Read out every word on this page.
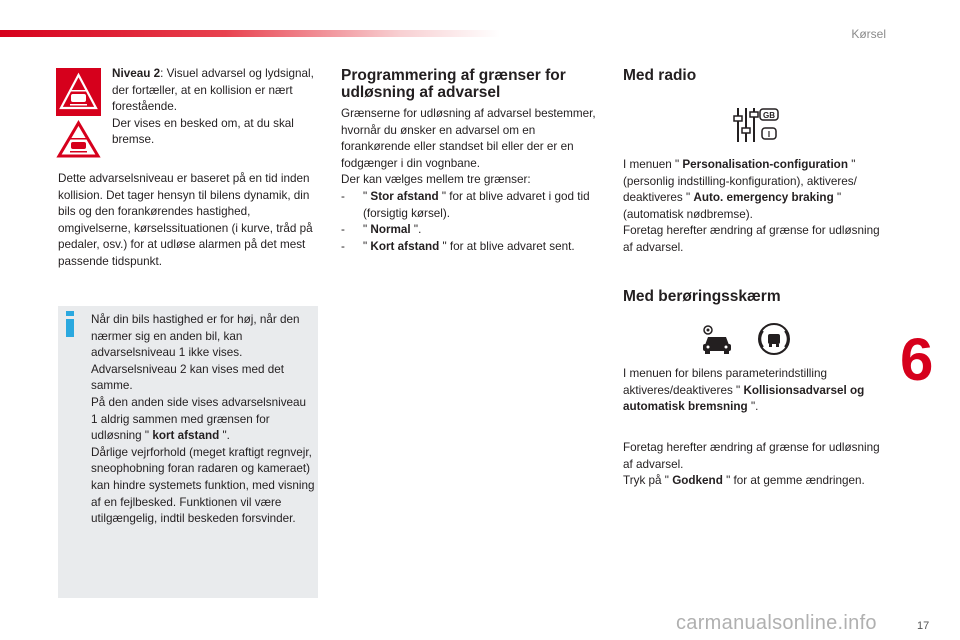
Kørsel
Niveau 2: Visuel advarsel og lydsignal, der fortæller, at en kollision er nært forestående.
Der vises en besked om, at du skal bremse.
Dette advarselsniveau er baseret på en tid inden kollision. Det tager hensyn til bilens dynamik, din bils og den forankørendes hastighed, omgivelserne, kørselssituationen (i kurve, tråd på pedaler, osv.) for at udløse alarmen på det mest passende tidspunkt.
Når din bils hastighed er for høj, når den nærmer sig en anden bil, kan advarselsniveau 1 ikke vises. Advarselsniveau 2 kan vises med det samme.
På den anden side vises advarselsniveau 1 aldrig sammen med grænsen for udløsning " kort afstand ".
Dårlige vejrforhold (meget kraftigt regnvejr, sneophobning foran radaren og kameraet) kan hindre systemets funktion, med visning af en fejlbesked. Funktionen vil være utilgængelig, indtil beskeden forsvinder.
Programmering af grænser for udløsning af advarsel
Grænserne for udløsning af advarsel bestemmer, hvornår du ønsker en advarsel om en forankørende eller standset bil eller der er en fodgænger i din vognbane.
Der kan vælges mellem tre grænser:
- " Stor afstand " for at blive advaret i god tid (forsigtig kørsel).
- " Normal ".
- " Kort afstand " for at blive advaret sent.
Med radio
GB
I
I menuen " Personalisation-configuration " (personlig indstilling-konfiguration), aktiveres/ deaktiveres " Auto. emergency braking " (automatisk nødbremse).
Foretag herefter ændring af grænse for udløsning af advarsel.
Med berøringsskærm
I menuen for bilens parameterindstilling aktiveres/deaktiveres " Kollisionsadvarsel og automatisk bremsning ".
Foretag herefter ændring af grænse for udløsning af advarsel.
Tryk på " Godkend " for at gemme ændringen.
6
carmanualsonline.info	17
